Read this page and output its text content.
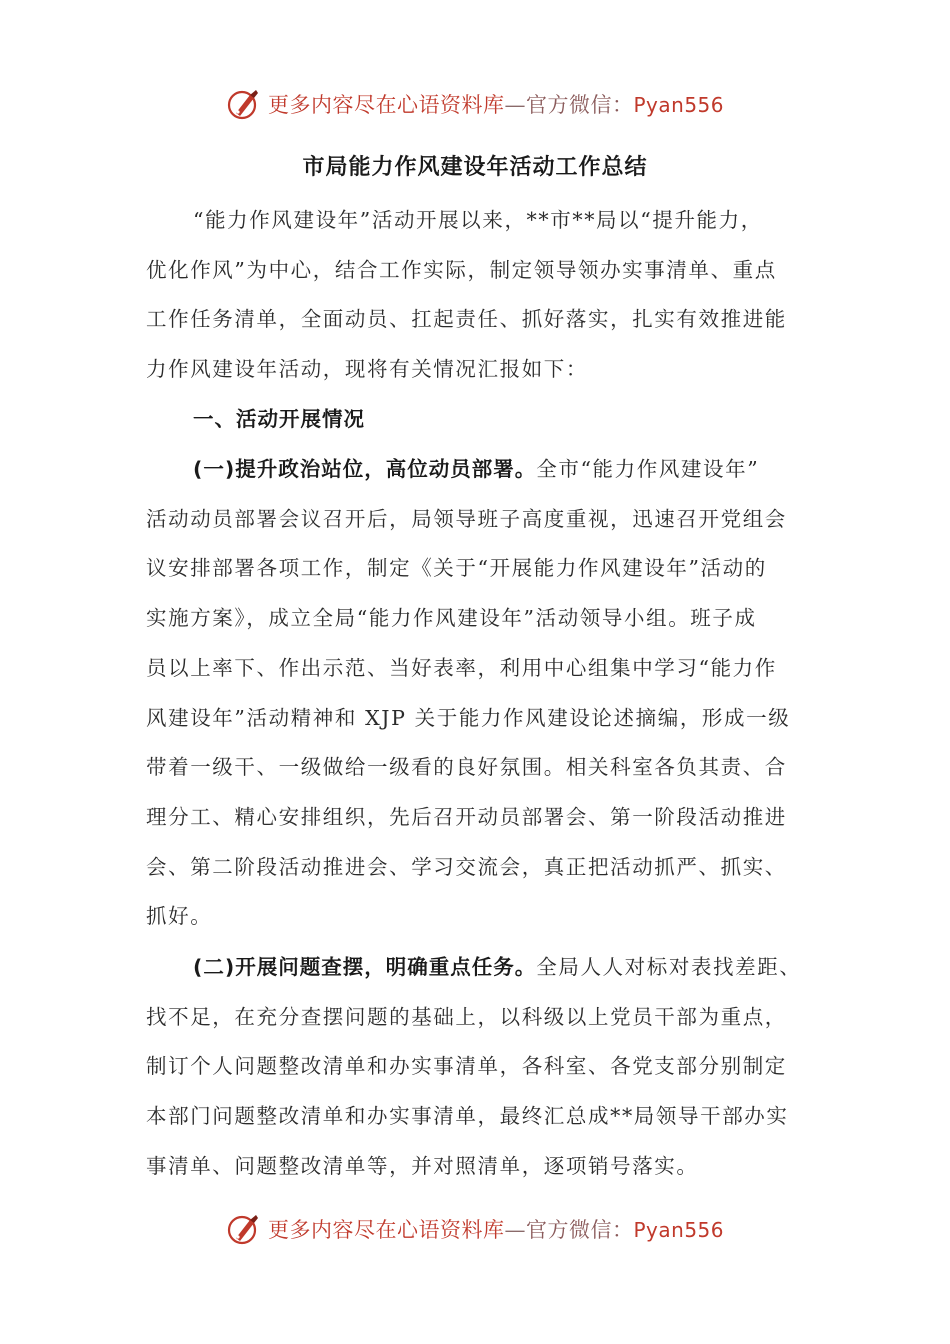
更多内容尽在心语资料库—官方微信：Pyan556
市局能力作风建设年活动工作总结
“能力作风建设年”活动开展以来，**市**局以“提升能力，
优化作风”为中心，结合工作实际，制定领导领办实事清单、重点
工作任务清单，全面动员、扛起责任、抓好落实，扎实有效推进能
力作风建设年活动，现将有关情况汇报如下：
一、活动开展情况
(一)提升政治站位，高位动员部署。全市“能力作风建设年”
活动动员部署会议召开后，局领导班子高度重视，迅速召开党组会
议安排部署各项工作，制定《关于“开展能力作风建设年”活动的
实施方案》，成立全局“能力作风建设年”活动领导小组。班子成
员以上率下、作出示范、当好表率，利用中心组集中学习“能力作
风建设年”活动精神和 XJP 关于能力作风建设论述摘编，形成一级
带着一级干、一级做给一级看的良好氛围。相关科室各负其责、合
理分工、精心安排组织，先后召开动员部署会、第一阶段活动推进
会、第二阶段活动推进会、学习交流会，真正把活动抓严、抓实、
抓好。
(二)开展问题查摆，明确重点任务。全局人人对标对表找差距、
找不足，在充分查摆问题的基础上，以科级以上党员干部为重点，
制订个人问题整改清单和办实事清单，各科室、各党支部分别制定
本部门问题整改清单和办实事清单，最终汇总成**局领导干部办实
事清单、问题整改清单等，并对照清单，逐项销号落实。
更多内容尽在心语资料库—官方微信：Pyan556
